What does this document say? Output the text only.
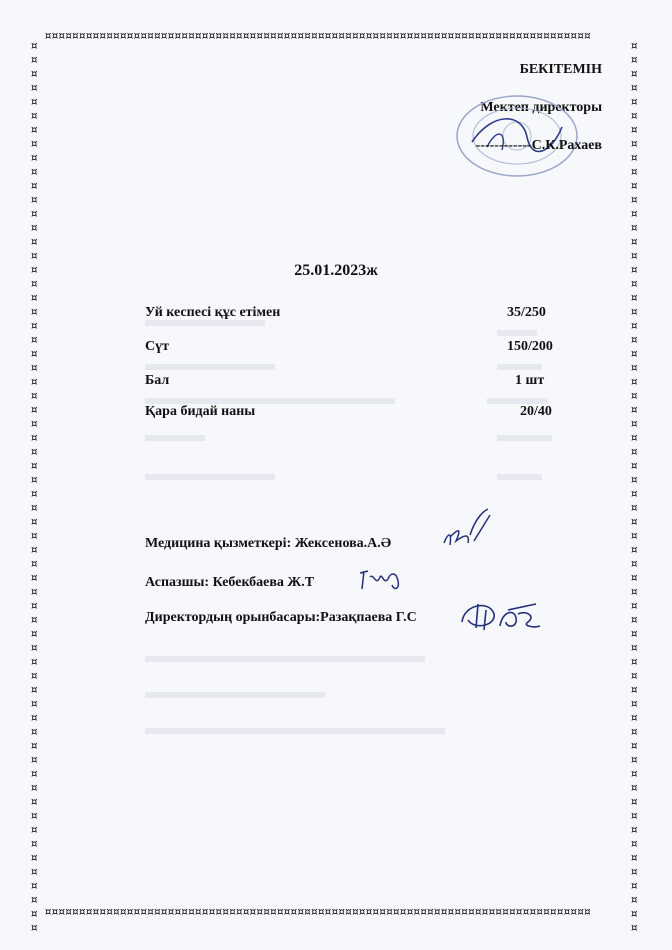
¤¤¤¤¤¤¤¤¤¤¤¤¤¤¤¤¤¤¤¤¤¤¤¤¤¤¤¤¤¤¤¤¤¤¤¤¤¤¤¤¤¤¤¤¤¤¤¤¤¤¤¤¤¤¤¤¤¤¤¤¤¤¤¤¤¤¤¤¤¤¤¤¤¤¤¤¤¤¤¤
¤¤¤¤¤¤¤¤¤¤¤¤¤¤¤¤¤¤¤¤¤¤¤¤¤¤¤¤¤¤¤¤¤¤¤¤¤¤¤¤¤¤¤¤¤¤¤¤¤¤¤¤¤¤¤¤¤¤¤¤¤¤¤¤¤¤¤¤¤¤¤¤¤¤¤¤¤¤¤¤
¤
¤
¤
¤
¤
¤
¤
¤
¤
¤
¤
¤
¤
¤
¤
¤
¤
¤
¤
¤
¤
¤
¤
¤
¤
¤
¤
¤
¤
¤
¤
¤
¤
¤
¤
¤
¤
¤
¤
¤
¤
¤
¤
¤
¤
¤
¤
¤
¤
¤
¤
¤
¤
¤
¤
¤
¤
¤
¤
¤
¤
¤
¤
¤
¤
¤
¤
¤
¤
¤
¤
¤
¤
¤
¤
¤
¤
¤
¤
¤
¤
¤
¤
¤
¤
¤
¤
¤
¤
¤
¤
¤
¤
¤
¤
¤
¤
¤
¤
¤
¤
¤
¤
¤
¤
¤
¤
¤
¤
¤
¤
¤
¤
¤
¤
¤
¤
¤
¤
¤
¤
¤
¤
¤
¤
¤
¤
¤
БЕКІТЕМІН
Мектеп директоры
------------С.К.Рахаев
25.01.2023ж
Уй кеспесі құс етімен	35/250
Сүт	150/200
Бал	1 шт
Қара бидай наны	20/40
Медицина қызметкері: Жексенова.А.Ә
Аспазшы: Кебекбаева Ж.Т
Директордың орынбасары:Разақпаева Г.С
